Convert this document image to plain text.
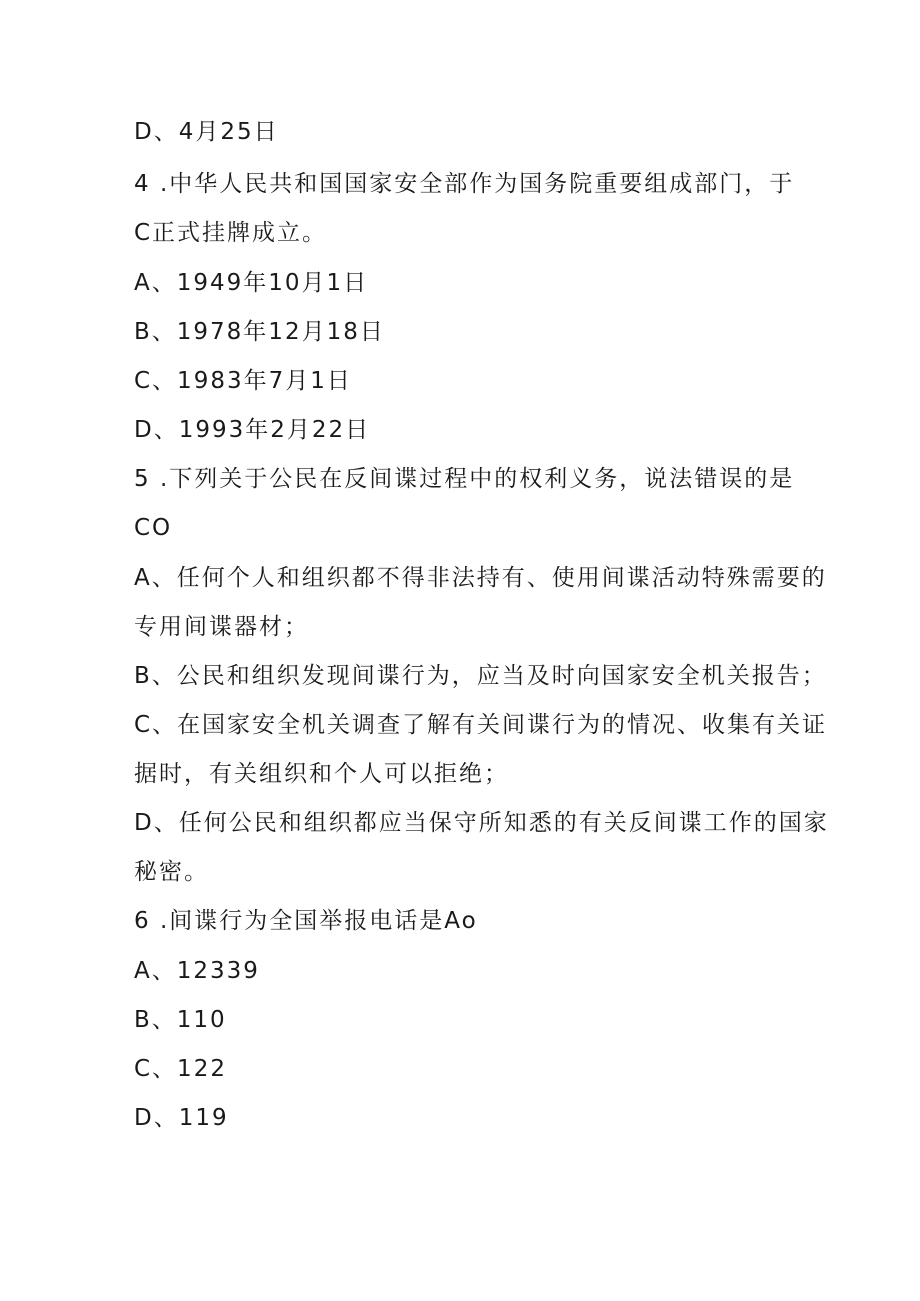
D、4月25日
4 .中华人民共和国国家安全部作为国务院重要组成部门，于
C正式挂牌成立。
A、1949年10月1日
B、1978年12月18日
C、1983年7月1日
D、1993年2月22日
5 .下列关于公民在反间谍过程中的权利义务，说法错误的是
CO
A、任何个人和组织都不得非法持有、使用间谍活动特殊需要的
专用间谍器材；
B、公民和组织发现间谍行为，应当及时向国家安全机关报告；
C、在国家安全机关调查了解有关间谍行为的情况、收集有关证
据时，有关组织和个人可以拒绝；
D、任何公民和组织都应当保守所知悉的有关反间谍工作的国家
秘密。
6 .间谍行为全国举报电话是Ao
A、12339
B、110
C、122
D、119
